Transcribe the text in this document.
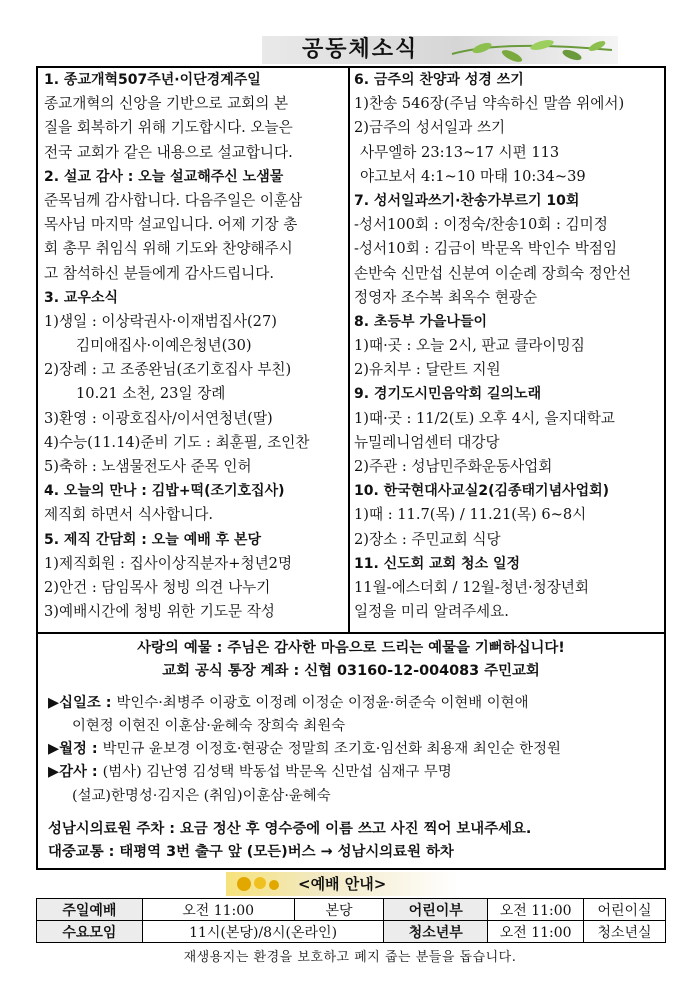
공동체소식
1. 종교개혁507주년·이단경계주일
종교개혁의 신앙을 기반으로 교회의 본
질을 회복하기 위해 기도합시다. 오늘은
전국 교회가 같은 내용으로 설교합니다.
2. 설교 감사 : 오늘 설교해주신 노샘물
준목님께 감사합니다. 다음주일은 이훈삼
목사님 마지막 설교입니다. 어제 기장 총
회 총무 취임식 위해 기도와 찬양해주시
고 참석하신 분들에게 감사드립니다.
3. 교우소식
1)생일 : 이상락권사·이재범집사(27)
김미애집사·이예은청년(30)
2)장례 : 고 조종완님(조기호집사 부친)
10.21 소천, 23일 장례
3)환영 : 이광호집사/이서연청년(딸)
4)수능(11.14)준비 기도 : 최훈필, 조인찬
5)축하 : 노샘물전도사 준목 인허
4. 오늘의 만나 : 김밥+떡(조기호집사)
제직회 하면서 식사합니다.
5. 제직 간담회 : 오늘 예배 후 본당
1)제직회원 : 집사이상직분자+청년2명
2)안건 : 담임목사 청빙 의견 나누기
3)예배시간에 청빙 위한 기도문 작성
6. 금주의 찬양과 성경 쓰기
1)찬송 546장(주님 약속하신 말씀 위에서)
2)금주의 성서일과 쓰기
사무엘하 23:13~17 시편 113
야고보서 4:1~10 마태 10:34~39
7. 성서일과쓰기·찬송가부르기 10회
-성서100회 : 이정숙/찬송10회 : 김미정
-성서10회 : 김금이 박문옥 박인수 박점임
손반숙 신만섭 신분여 이순례 장희숙 정안선
정영자 조수복 최옥수 현광순
8. 초등부 가을나들이
1)때·곳 : 오늘 2시, 판교 클라이밍짐
2)유치부 : 달란트 지원
9. 경기도시민음악회 길의노래
1)때·곳 : 11/2(토) 오후 4시, 을지대학교
뉴밀레니엄센터 대강당
2)주관 : 성남민주화운동사업회
10. 한국현대사교실2(김종태기념사업회)
1)때 : 11.7(목) / 11.21(목) 6~8시
2)장소 : 주민교회 식당
11. 신도회 교회 청소 일정
11월-에스더회 / 12월-청년·청장년회
일정을 미리 알려주세요.
사랑의 예물 : 주님은 감사한 마음으로 드리는 예물을 기뻐하십니다!
교회 공식 통장 계좌 : 신협 03160-12-004083 주민교회
▶십일조 : 박인수·최병주 이광호 이정례 이정순 이정윤·허준숙 이현배 이현애
이현정 이현진 이훈삼·윤혜숙 장희숙 최원숙
▶월정 : 박민규 윤보경 이정호·현광순 정말희 조기호·임선화 최용재 최인순 한정원
▶감사 : (범사) 김난영 김성택 박동섭 박문옥 신만섭 심재구 무명
(설교)한명성·김지은 (취임)이훈삼·윤혜숙
성남시의료원 주차 : 요금 정산 후 영수증에 이름 쓰고 사진 찍어 보내주세요.
대중교통 : 태평역 3번 출구 앞 (모든)버스 → 성남시의료원 하차
<예배 안내>
주일예배	오전 11:00	본당	어린이부	오전 11:00	어린이실
수요모임	11시(본당)/8시(온라인)		청소년부	오전 11:00	청소년실
재생용지는 환경을 보호하고 폐지 줍는 분들을 돕습니다.
